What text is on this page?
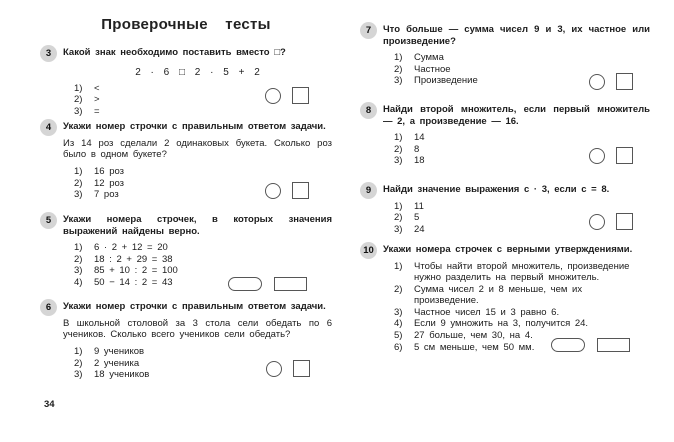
Проверочные тесты
3 Какой знак необходимо поставить вместо □?
2 · 6 □ 2 · 5 + 2
1)	<
2)	>
3)	=
4 Укажи номер строчки с правильным ответом задачи.
Из 14 роз сделали 2 одинаковых букета. Сколько роз было в одном букете?
1)	16 роз
2)	12 роз
3)	7 роз
5 Укажи номера строчек, в которых значения выражений найдены верно.
1)	6 · 2 + 12 = 20
2)	18 : 2 + 29 = 38
3)	85 + 10 : 2 = 100
4)	50 − 14 : 2 = 43
6 Укажи номер строчки с правильным ответом задачи.
В школьной столовой за 3 стола сели обедать по 6 учеников. Сколько всего учеников сели обедать?
1)	9 учеников
2)	2 ученика
3)	18 учеников
7 Что больше — сумма чисел 9 и 3, их частное или произведение?
1)	Сумма
2)	Частное
3)	Произведение
8 Найди второй множитель, если первый множитель — 2, а произведение — 16.
1)	14
2)	8
3)	18
9 Найди значение выражения с · 3, если с = 8.
1)	11
2)	5
3)	24
10 Укажи номера строчек с верными утверждениями.
1)	Чтобы найти второй множитель, произведение нужно разделить на первый множитель.
2)	Сумма чисел 2 и 8 меньше, чем их произведение.
3)	Частное чисел 15 и 3 равно 6.
4)	Если 9 умножить на 3, получится 24.
5)	27 больше, чем 30, на 4.
6)	5 см меньше, чем 50 мм.
34
